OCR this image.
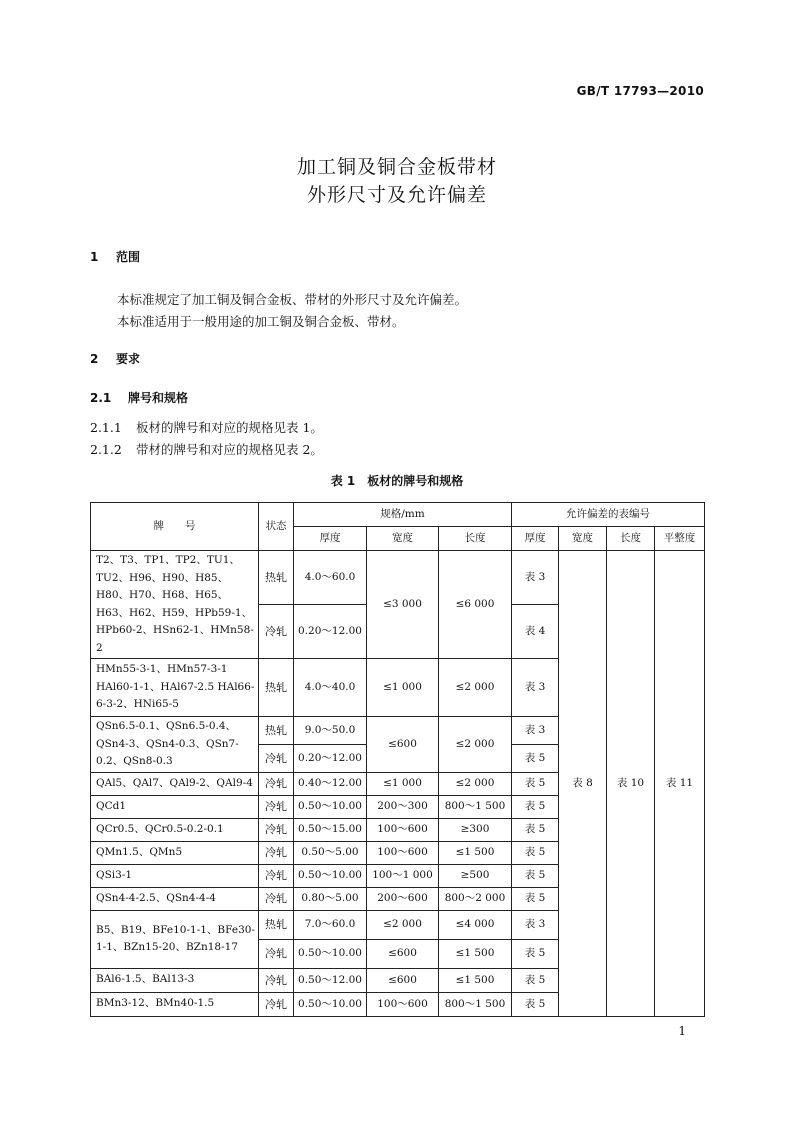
GB/T 17793—2010
加工铜及铜合金板带材
外形尺寸及允许偏差
1 范围
本标准规定了加工铜及铜合金板、带材的外形尺寸及允许偏差。
本标准适用于一般用途的加工铜及铜合金板、带材。
2 要求
2.1 牌号和规格
2.1.1 板材的牌号和对应的规格见表 1。
2.1.2 带材的牌号和对应的规格见表 2。
表 1　板材的牌号和规格
牌　　号	状态	规格/mm			允许偏差的表编号			
		厚度	宽度	长度	厚度	宽度	长度	平整度
T2、T3、TP1、TP2、TU1、TU2、H96、H90、H85、H80、H70、H68、H65、H63、H62、H59、HPb59-1、HPb60-2、HSn62-1、HMn58-2	热轧	4.0～60.0	≤3 000	≤6 000	表 3	表 8	表 10	表 11
	冷轧	0.20～12.00			表 4			
HMn55-3-1、HMn57-3-1 HAl60-1-1、HAl67-2.5 HAl66-6-3-2、HNi65-5	热轧	4.0～40.0	≤1 000	≤2 000	表 3			
QSn6.5-0.1、QSn6.5-0.4、QSn4-3、QSn4-0.3、QSn7-0.2、QSn8-0.3	热轧	9.0～50.0	≤600	≤2 000	表 3			
	冷轧	0.20～12.00			表 5			
QAl5、QAl7、QAl9-2、QAl9-4	冷轧	0.40～12.00	≤1 000	≤2 000	表 5			
QCd1	冷轧	0.50～10.00	200～300	800～1 500	表 5			
QCr0.5、QCr0.5-0.2-0.1	冷轧	0.50～15.00	100～600	≥300	表 5			
QMn1.5、QMn5	冷轧	0.50～5.00	100～600	≤1 500	表 5			
QSi3-1	冷轧	0.50～10.00	100～1 000	≥500	表 5			
QSn4-4-2.5、QSn4-4-4	冷轧	0.80～5.00	200～600	800～2 000	表 5			
B5、B19、BFe10-1-1、BFe30-1-1、BZn15-20、BZn18-17	热轧	7.0～60.0	≤2 000	≤4 000	表 3			
	冷轧	0.50～10.00	≤600	≤1 500	表 5			
BAl6-1.5、BAl13-3	冷轧	0.50～12.00	≤600	≤1 500	表 5			
BMn3-12、BMn40-1.5	冷轧	0.50～10.00	100～600	800～1 500	表 5			
1
